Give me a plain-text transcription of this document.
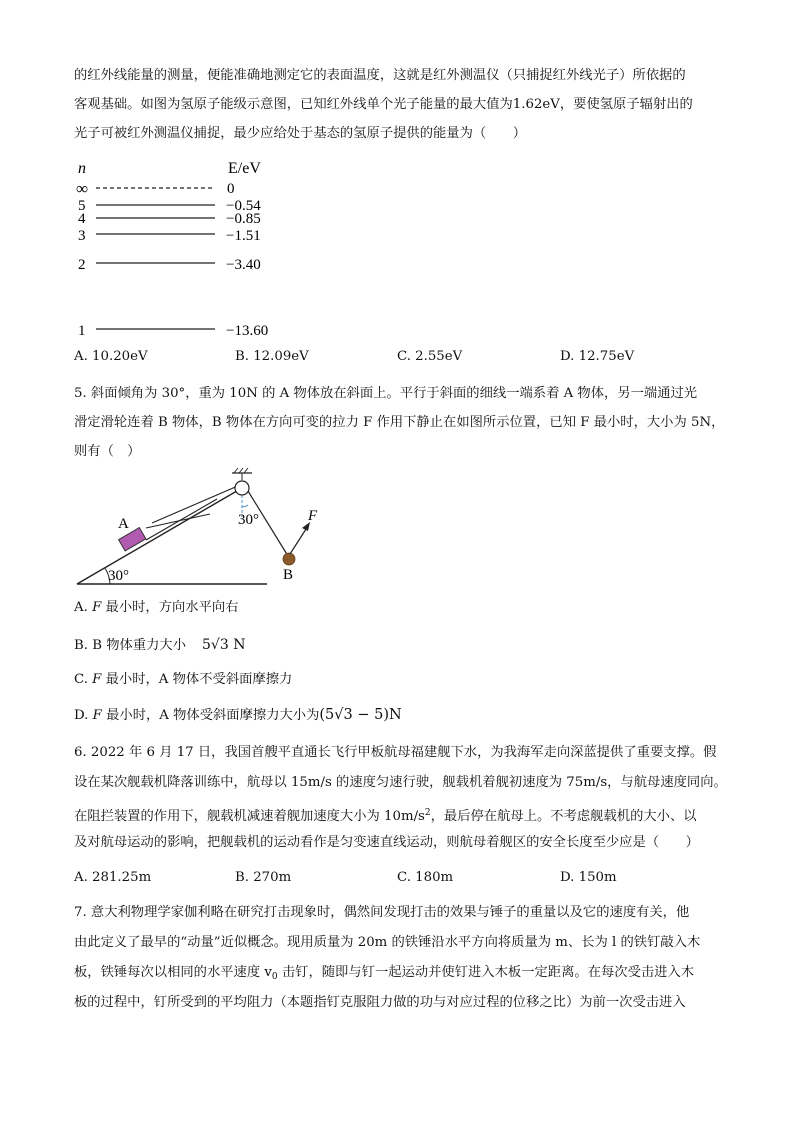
的红外线能量的测量，便能准确地测定它的表面温度，这就是红外测温仪（只捕捉红外线光子）所依据的
客观基础。如图为氢原子能级示意图，已知红外线单个光子能量的最大值为1.62eV，要使氢原子辐射出的
光子可被红外测温仪捕捉，最少应给处于基态的氢原子提供的能量为（　　）
n	E/eV
∞	0
5	−0.54
4	−0.85
3	−1.51
2	−3.40
1	−13.60
A. 10.20eV	B. 12.09eV	C. 2.55eV	D. 12.75eV
5. 斜面倾角为 30°，重为 10N 的 A 物体放在斜面上。平行于斜面的细线一端系着 A 物体，另一端通过光
滑定滑轮连着 B 物体，B 物体在方向可变的拉力 F 作用下静止在如图所示位置，已知 F 最小时，大小为 5N，
则有（　）
30°
A	30°
B
F
A. F 最小时，方向水平向右
B. B 物体重力大小 5√3 N
C. F 最小时，A 物体不受斜面摩擦力
D. F 最小时，A 物体受斜面摩擦力大小为(5√3 − 5)N
6. 2022 年 6 月 17 日，我国首艘平直通长飞行甲板航母福建舰下水，为我海军走向深蓝提供了重要支撑。假
设在某次舰载机降落训练中，航母以 15m/s 的速度匀速行驶，舰载机着舰初速度为 75m/s，与航母速度同向。
在阻拦装置的作用下，舰载机减速着舰加速度大小为 $10m/s^2$，最后停在航母上。不考虑舰载机的大小、以
及对航母运动的影响，把舰载机的运动看作是匀变速直线运动，则航母着舰区的安全长度至少应是（　　）
A. 281.25m	B. 270m	C. 180m	D. 150m
7. 意大利物理学家伽利略在研究打击现象时，偶然间发现打击的效果与锤子的重量以及它的速度有关，他
由此定义了最早的“动量”近似概念。现用质量为 20m 的铁锤沿水平方向将质量为 m、长为 l 的铁钉敲入木
板，铁锤每次以相同的水平速度 $v_0$ 击钉，随即与钉一起运动并使钉进入木板一定距离。在每次受击进入木
板的过程中，钉所受到的平均阻力（本题指钉克服阻力做的功与对应过程的位移之比）为前一次受击进入
